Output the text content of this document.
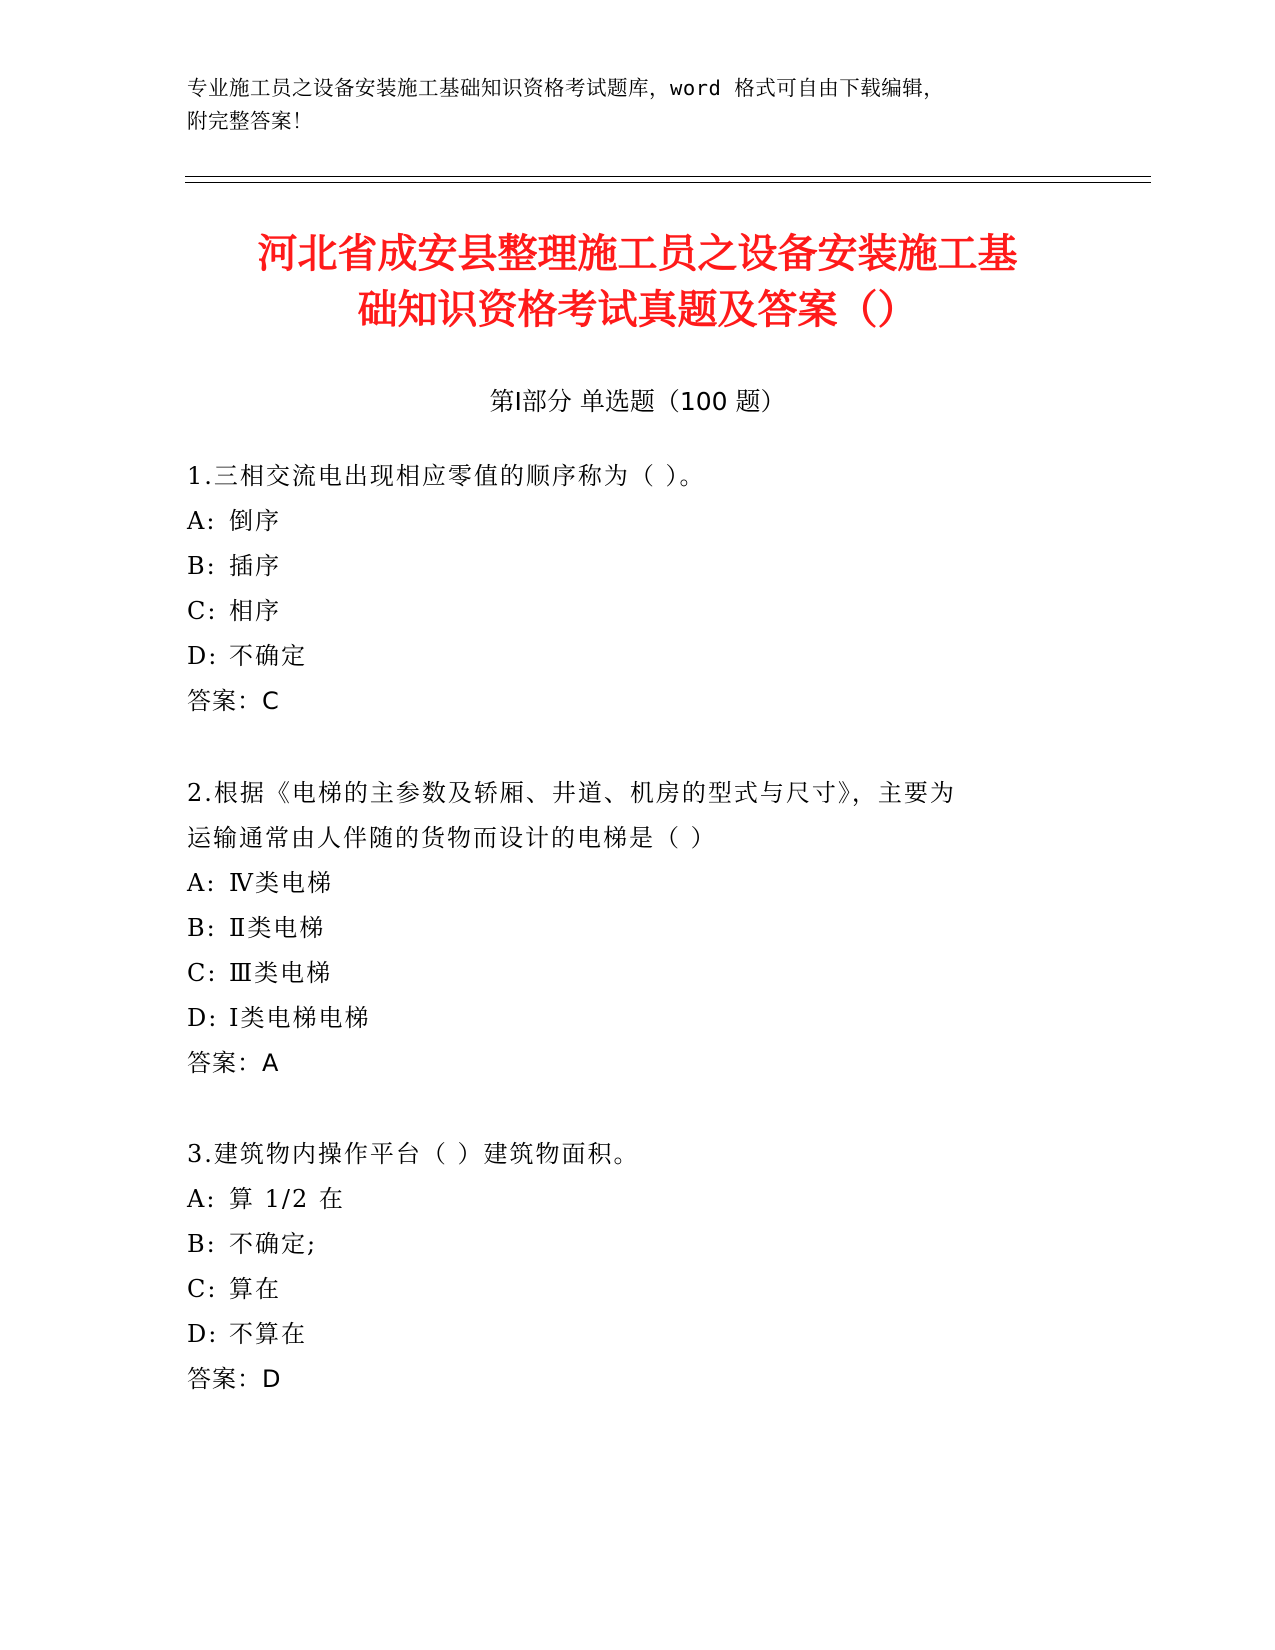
专业施工员之设备安装施工基础知识资格考试题库，word 格式可自由下载编辑，
附完整答案！
河北省成安县整理施工员之设备安装施工基
础知识资格考试真题及答案（）
第Ⅰ部分 单选题（100 题）
1.三相交流电出现相应零值的顺序称为（ ）。
A: 倒序
B: 插序
C: 相序
D: 不确定
答案：C
2.根据《电梯的主参数及轿厢、井道、机房的型式与尺寸》，主要为
运输通常由人伴随的货物而设计的电梯是（ ）
A: Ⅳ类电梯
B: Ⅱ类电梯
C: Ⅲ类电梯
D: Ⅰ类电梯电梯
答案：A
3.建筑物内操作平台（ ）建筑物面积。
A: 算 1/2 在
B: 不确定;
C: 算在
D: 不算在
答案：D
